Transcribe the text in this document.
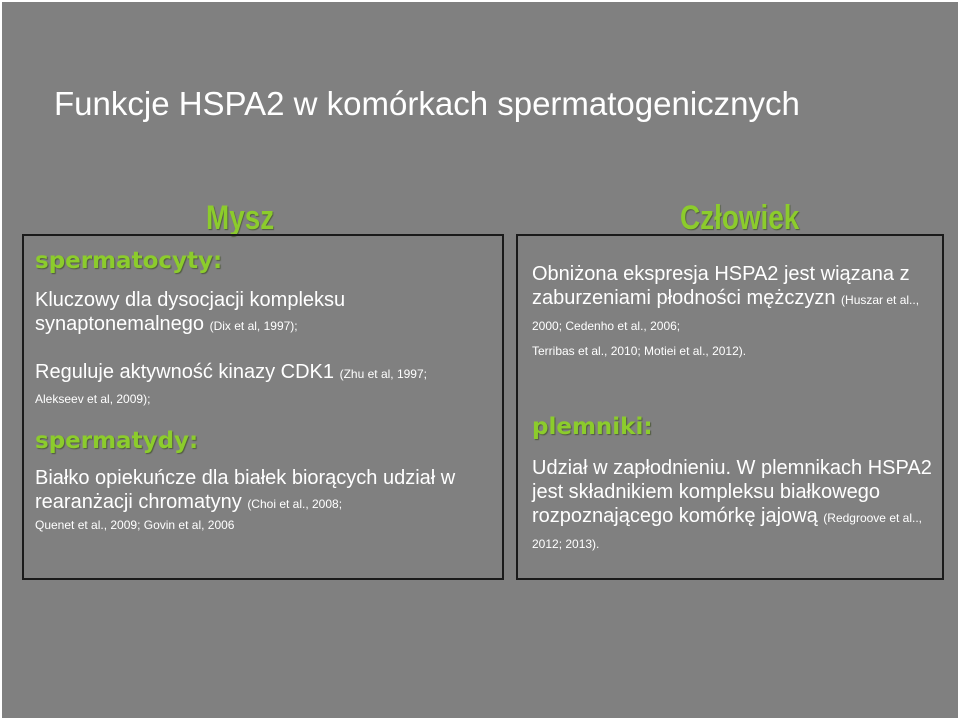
Funkcje HSPA2 w komórkach spermatogenicznych
Mysz	Człowiek

spermatocyty:

Kluczowy dla dysocjacji kompleksu synaptonemalnego (Dix et al, 1997);

Reguluje aktywność kinazy CDK1 (Zhu et al, 1997;
Alekseev et al, 2009);

spermatydy:

Białko opiekuńcze dla białek biorących udział w rearanżacji chromatyny (Choi et al., 2008;
Quenet et al., 2009; Govin et al, 2006

Obniżona ekspresja HSPA2 jest wiązana z zaburzeniami płodności mężczyzn (Huszar et al.., 2000; Cedenho et al., 2006;
Terribas et al., 2010; Motiei et al., 2012).

plemniki:

Udział w zapłodnieniu. W plemnikach HSPA2 jest składnikiem kompleksu białkowego rozpoznającego komórkę jajową (Redgroove et al.., 2012; 2013).
